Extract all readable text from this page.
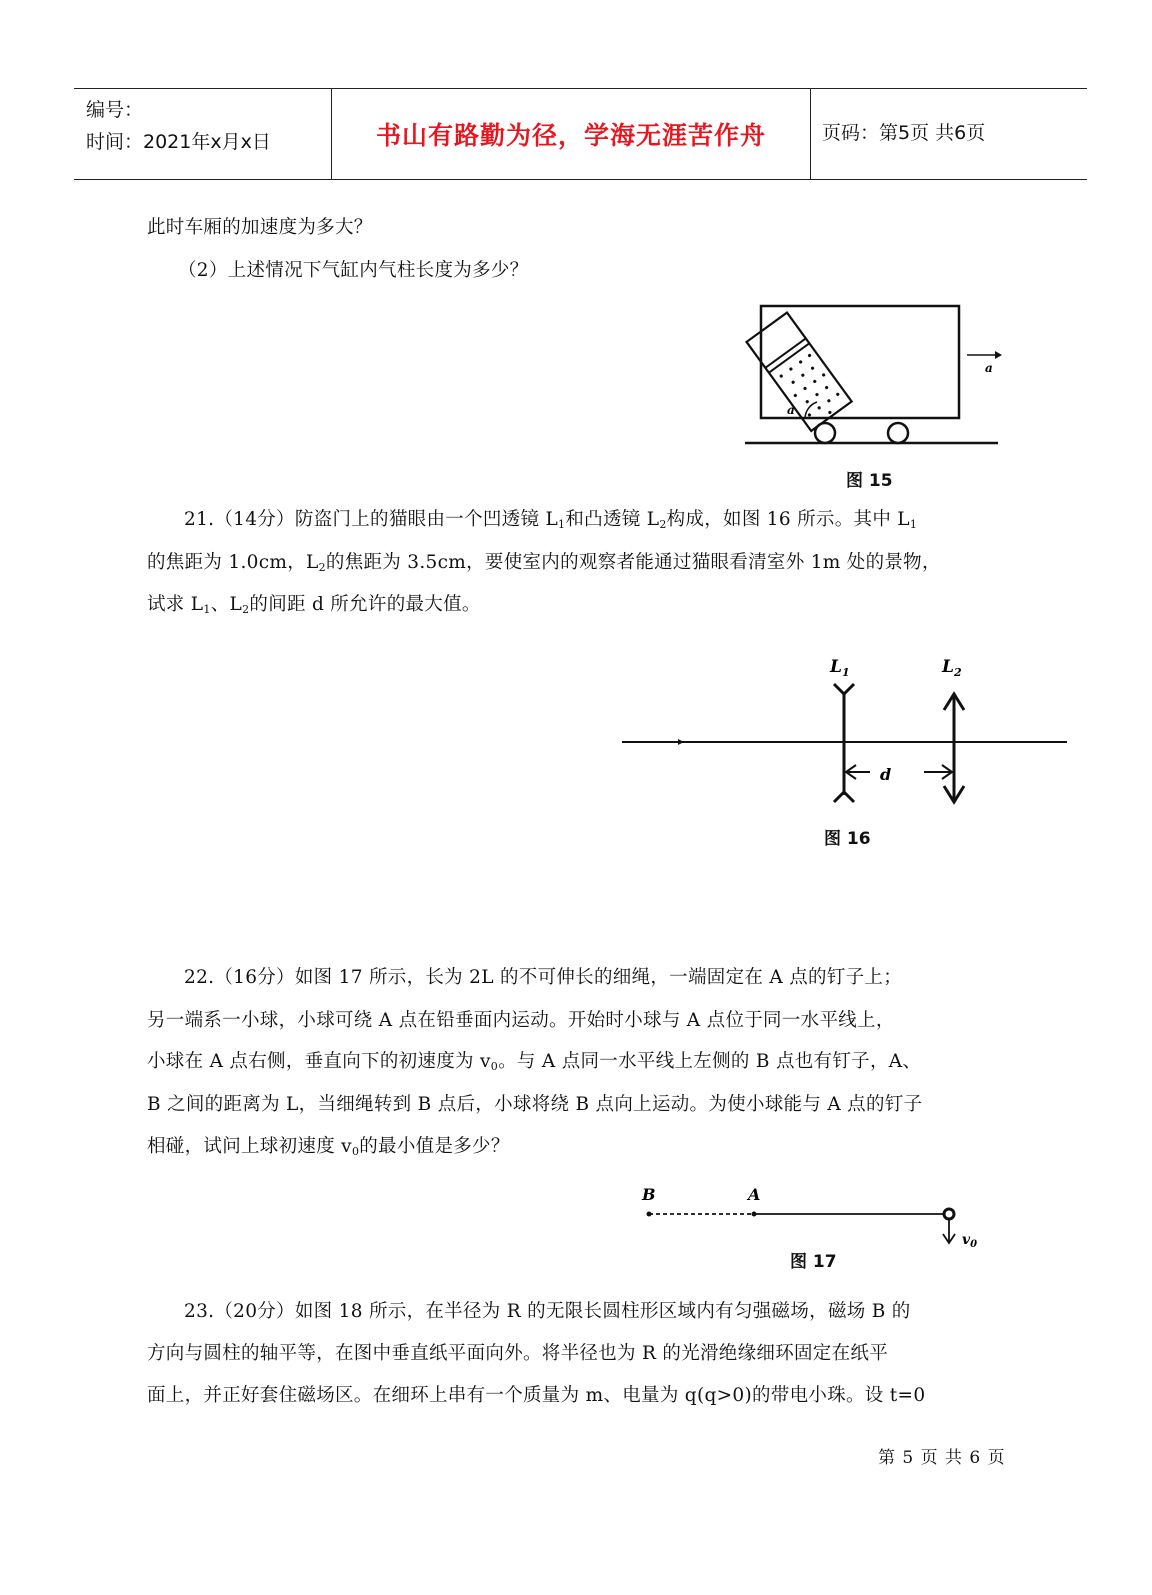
编号：
时间：2021年x月x日	书山有路勤为径，学海无涯苦作舟	页码：第5页 共6页
此时车厢的加速度为多大？
（2）上述情况下气缸内气柱长度为多少？
a
a
图 15
21.（14分）防盗门上的猫眼由一个凹透镜 $L_1$和凸透镜 $L_2$构成，如图 16 所示。其中 $L_1$
的焦距为 1.0cm，$L_2$的焦距为 3.5cm，要使室内的观察者能通过猫眼看清室外 1m 处的景物，
试求 $L_1$、$L_2$的间距 d 所允许的最大值。
d
$L_1$	$L_2$
图 16
22.（16分）如图 17 所示，长为 2L 的不可伸长的细绳，一端固定在 A 点的钉子上；
另一端系一小球，小球可绕 A 点在铅垂面内运动。开始时小球与 A 点位于同一水平线上，
小球在 A 点右侧，垂直向下的初速度为 $v_0$。与 A 点同一水平线上左侧的 B 点也有钉子，A、
B 之间的距离为 L，当细绳转到 B 点后，小球将绕 B 点向上运动。为使小球能与 A 点的钉子
相碰，试问上球初速度 $v_0$的最小值是多少？
B	A
$v_0$
图 17
23.（20分）如图 18 所示，在半径为 R 的无限长圆柱形区域内有匀强磁场，磁场 B 的
方向与圆柱的轴平等，在图中垂直纸平面向外。将半径也为 R 的光滑绝缘细环固定在纸平
面上，并正好套住磁场区。在细环上串有一个质量为 m、电量为 q(q>0)的带电小珠。设 t=0
第 5 页 共 6 页
